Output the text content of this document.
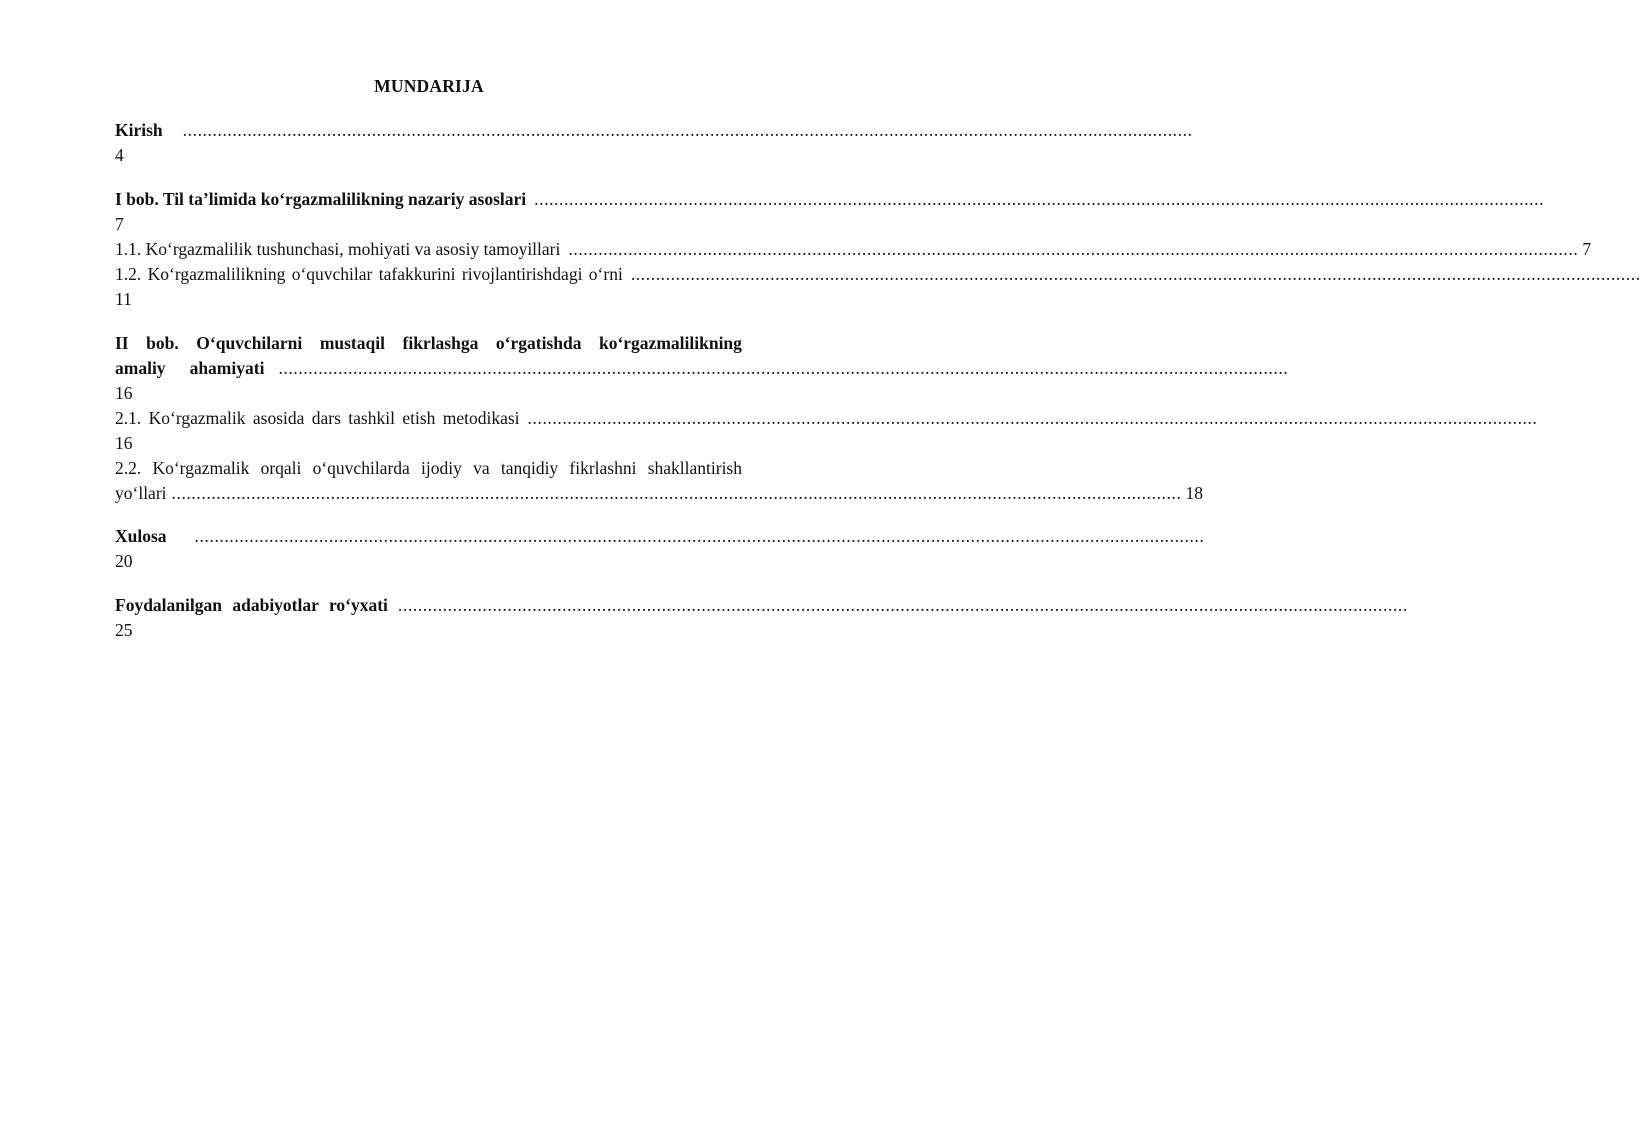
MUNDARIJA
Kirish ...........................................................................................................................................................................................................
4
I bob. Til ta’limida ko‘rgazmalilikning nazariy asoslari ...........................................................................................................................................................................................................
7
1.1. Ko‘rgazmalilik tushunchasi, mohiyati va asosiy tamoyillari ........................................................................................................................................................................................................... 7
1.2. Ko‘rgazmalilikning o‘quvchilar tafakkurini rivojlantirishdagi o‘rni ...........................................................................................................................................................................................................
11
II bob. O‘quvchilarni mustaqil fikrlashga o‘rgatishda ko‘rgazmalilikning
amaliy ahamiyati ...........................................................................................................................................................................................................
16
2.1. Ko‘rgazmalik asosida dars tashkil etish metodikasi ...........................................................................................................................................................................................................
16
2.2. Ko‘rgazmalik orqali o‘quvchilarda ijodiy va tanqidiy fikrlashni shakllantirish
yo‘llari ........................................................................................................................................................................................................... 18
Xulosa ...........................................................................................................................................................................................................
20
Foydalanilgan adabiyotlar ro‘yxati ...........................................................................................................................................................................................................
25
